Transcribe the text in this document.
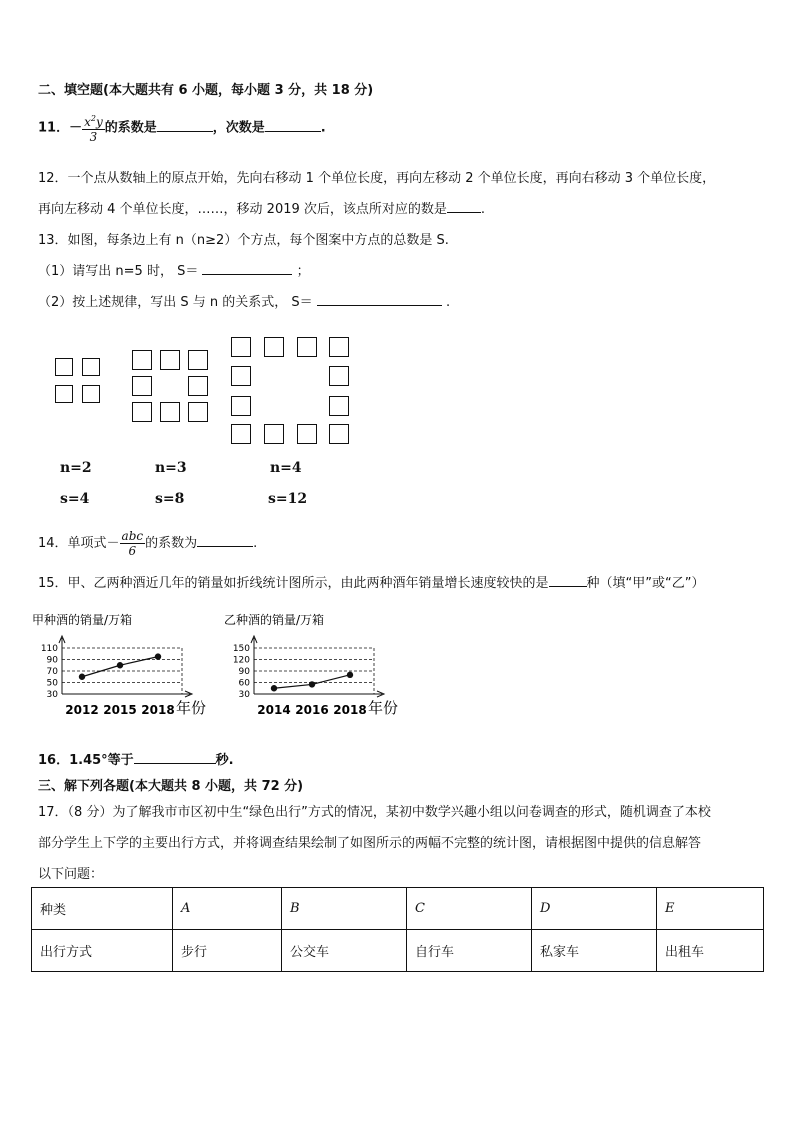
二、填空题(本大题共有 6 小题，每小题 3 分，共 18 分)
11．－ $\frac{x^2y}{3}$ 的系数是	，次数是	.
12．一个点从数轴上的原点开始，先向右移动 1 个单位长度，再向左移动 2 个单位长度，再向右移动 3 个单位长度，
再向左移动 4 个单位长度，……，移动 2019 次后，该点所对应的数是	.
13．如图，每条边上有 n（n≥2）个方点，每个图案中方点的总数是 S.
（1）请写出 n=5 时， S＝	；
（2）按上述规律，写出 S 与 n 的关系式， S＝	.
n=2	n=3	n=4
s=4	s=8	s=12
14．单项式－ $\frac{\text{abc}}{6}$ 的系数为	.
15．甲、乙两种酒近几年的销量如折线统计图所示，由此两种酒年销量增长速度较快的是	种（填“甲”或“乙”）
甲种酒的销量/万箱
30
50
70
90
110
2012 2015 2018 年份
乙种酒的销量/万箱
30
60
90
120
150
2014 2016 2018 年份
16．1.45°等于	秒.
三、解下列各题(本大题共 8 小题，共 72 分)
17．（8 分）为了解我市市区初中生“绿色出行”方式的情况，某初中数学兴趣小组以问卷调查的形式，随机调查了本校
部分学生上下学的主要出行方式，并将调查结果绘制了如图所示的两幅不完整的统计图，请根据图中提供的信息解答
以下问题：
种类	A	B	C	D	E
出行方式	步行	公交车	自行车	私家车	出租车
